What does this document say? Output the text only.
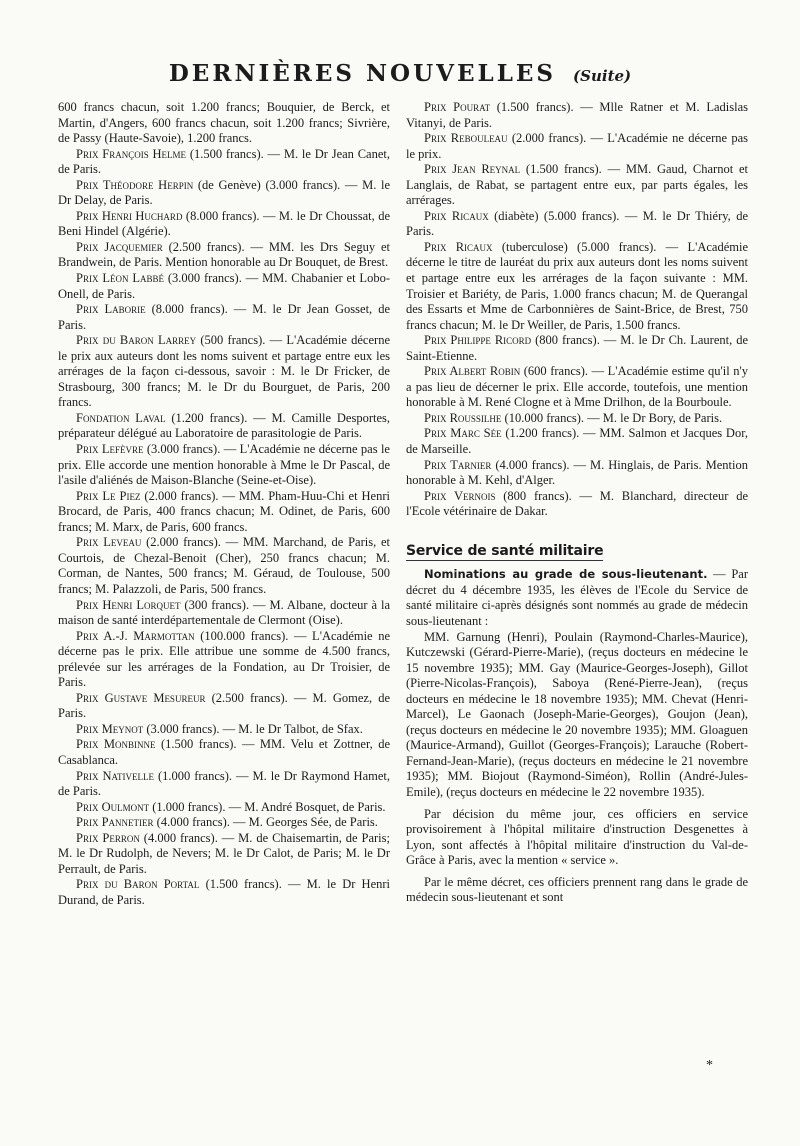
DERNIÈRES NOUVELLES (Suite)

600 francs chacun, soit 1.200 francs; Bouquier, de Berck, et Martin, d'Angers, 600 francs chacun, soit 1.200 francs; Sivrière, de Passy (Haute-Savoie), 1.200 francs.

Prix François Helme (1.500 francs). — M. le Dr Jean Canet, de Paris.

Prix Théodore Herpin (de Genève) (3.000 francs). — M. le Dr Delay, de Paris.

Prix Henri Huchard (8.000 francs). — M. le Dr Choussat, de Beni Hindel (Algérie).

Prix Jacquemier (2.500 francs). — MM. les Drs Seguy et Brandwein, de Paris. Mention honorable au Dr Bouquet, de Brest.

Prix Léon Labbé (3.000 francs). — MM. Chabanier et Lobo-Onell, de Paris.

Prix Laborie (8.000 francs). — M. le Dr Jean Gosset, de Paris.

Prix du Baron Larrey (500 francs). — L'Académie décerne le prix aux auteurs dont les noms suivent et partage entre eux les arrérages de la façon ci-dessous, savoir : M. le Dr Fricker, de Strasbourg, 300 francs; M. le Dr du Bourguet, de Paris, 200 francs.

Fondation Laval (1.200 francs). — M. Camille Desportes, préparateur délégué au Laboratoire de parasitologie de Paris.

Prix Lefèvre (3.000 francs). — L'Académie ne décerne pas le prix. Elle accorde une mention honorable à Mme le Dr Pascal, de l'asile d'aliénés de Maison-Blanche (Seine-et-Oise).

Prix Le Piez (2.000 francs). — MM. Pham-Huu-Chi et Henri Brocard, de Paris, 400 francs chacun; M. Odinet, de Paris, 600 francs; M. Marx, de Paris, 600 francs.

Prix Leveau (2.000 francs). — MM. Marchand, de Paris, et Courtois, de Chezal-Benoit (Cher), 250 francs chacun; M. Corman, de Nantes, 500 francs; M. Géraud, de Toulouse, 500 francs; M. Palazzoli, de Paris, 500 francs.

Prix Henri Lorquet (300 francs). — M. Albane, docteur à la maison de santé interdépartementale de Clermont (Oise).

Prix A.-J. Marmottan (100.000 francs). — L'Académie ne décerne pas le prix. Elle attribue une somme de 4.500 francs, prélevée sur les arrérages de la Fondation, au Dr Troisier, de Paris.

Prix Gustave Mesureur (2.500 francs). — M. Gomez, de Paris.

Prix Meynot (3.000 francs). — M. le Dr Talbot, de Sfax.

Prix Monbinne (1.500 francs). — MM. Velu et Zottner, de Casablanca.

Prix Nativelle (1.000 francs). — M. le Dr Raymond Hamet, de Paris.

Prix Oulmont (1.000 francs). — M. André Bosquet, de Paris.

Prix Pannetier (4.000 francs). — M. Georges Sée, de Paris.

Prix Perron (4.000 francs). — M. de Chaisemartin, de Paris; M. le Dr Rudolph, de Nevers; M. le Dr Calot, de Paris; M. le Dr Perrault, de Paris.

Prix du Baron Portal (1.500 francs). — M. le Dr Henri Durand, de Paris.

Prix Pourat (1.500 francs). — Mlle Ratner et M. Ladislas Vitanyi, de Paris.

Prix Rebouleau (2.000 francs). — L'Académie ne décerne pas le prix.

Prix Jean Reynal (1.500 francs). — MM. Gaud, Charnot et Langlais, de Rabat, se partagent entre eux, par parts égales, les arrérages.

Prix Ricaux (diabète) (5.000 francs). — M. le Dr Thiéry, de Paris.

Prix Ricaux (tuberculose) (5.000 francs). — L'Académie décerne le titre de lauréat du prix aux auteurs dont les noms suivent et partage entre eux les arrérages de la façon suivante : MM. Troisier et Bariéty, de Paris, 1.000 francs chacun; M. de Querangal des Essarts et Mme de Carbonnières de Saint-Brice, de Brest, 750 francs chacun; M. le Dr Weiller, de Paris, 1.500 francs.

Prix Philippe Ricord (800 francs). — M. le Dr Ch. Laurent, de Saint-Etienne.

Prix Albert Robin (600 francs). — L'Académie estime qu'il n'y a pas lieu de décerner le prix. Elle accorde, toutefois, une mention honorable à M. René Clogne et à Mme Drilhon, de la Bourboule.

Prix Roussilhe (10.000 francs). — M. le Dr Bory, de Paris.

Prix Marc Sée (1.200 francs). — MM. Salmon et Jacques Dor, de Marseille.

Prix Tarnier (4.000 francs). — M. Hinglais, de Paris. Mention honorable à M. Kehl, d'Alger.

Prix Vernois (800 francs). — M. Blanchard, directeur de l'Ecole vétérinaire de Dakar.

Service de santé militaire

Nominations au grade de sous-lieutenant. — Par décret du 4 décembre 1935, les élèves de l'Ecole du Service de santé militaire ci-après désignés sont nommés au grade de médecin sous-lieutenant :

MM. Garnung (Henri), Poulain (Raymond-Charles-Maurice), Kutczewski (Gérard-Pierre-Marie), (reçus docteurs en médecine le 15 novembre 1935); MM. Gay (Maurice-Georges-Joseph), Gillot (Pierre-Nicolas-François), Saboya (René-Pierre-Jean), (reçus docteurs en médecine le 18 novembre 1935); MM. Chevat (Henri-Marcel), Le Gaonach (Joseph-Marie-Georges), Goujon (Jean), (reçus docteurs en médecine le 20 novembre 1935); MM. Gloaguen (Maurice-Armand), Guillot (Georges-François); Larauche (Robert-Fernand-Jean-Marie), (reçus docteurs en médecine le 21 novembre 1935); MM. Biojout (Raymond-Siméon), Rollin (André-Jules-Emile), (reçus docteurs en médecine le 22 novembre 1935).

Par décision du même jour, ces officiers en service provisoirement à l'hôpital militaire d'instruction Desgenettes à Lyon, sont affectés à l'hôpital militaire d'instruction du Val-de-Grâce à Paris, avec la mention « service ».

Par le même décret, ces officiers prennent rang dans le grade de médecin sous-lieutenant et sont

*
